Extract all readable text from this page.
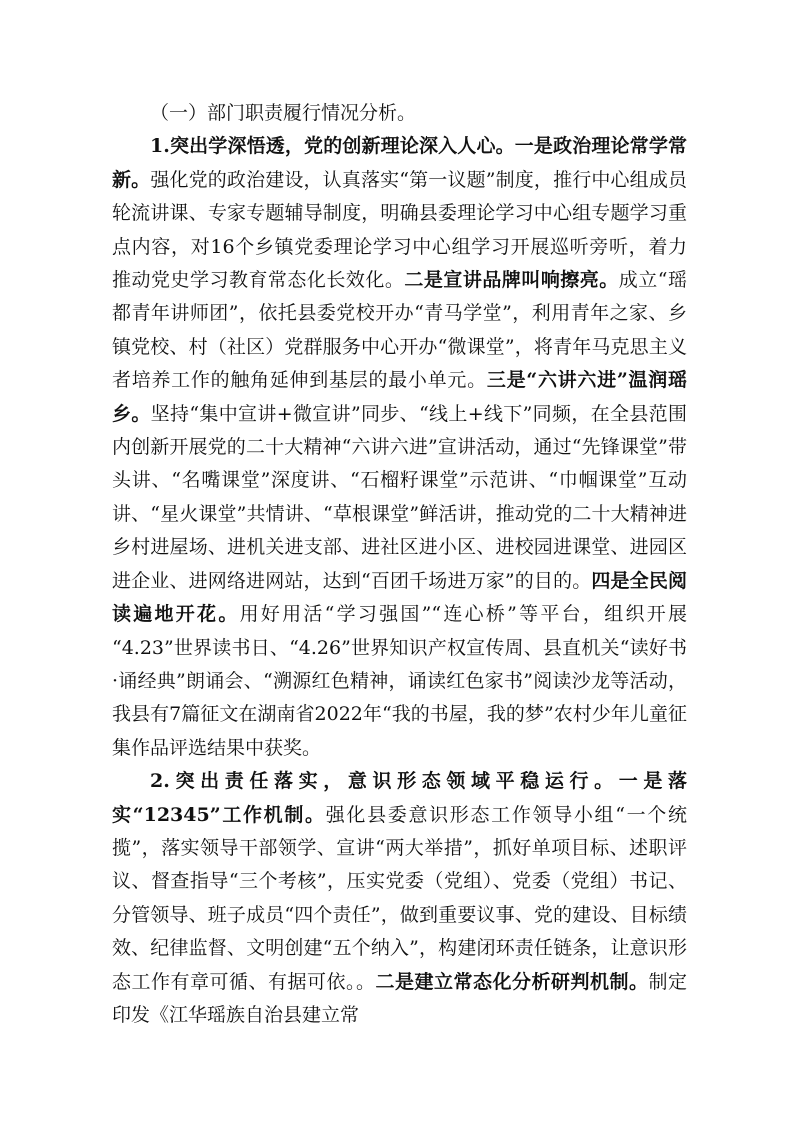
（一）部门职责履行情况分析。

1.突出学深悟透，党的创新理论深入人心。一是政治理论常学常新。强化党的政治建设，认真落实“第一议题”制度，推行中心组成员轮流讲课、专家专题辅导制度，明确县委理论学习中心组专题学习重点内容，对16个乡镇党委理论学习中心组学习开展巡听旁听，着力推动党史学习教育常态化长效化。二是宣讲品牌叫响擦亮。成立“瑶都青年讲师团”，依托县委党校开办“青马学堂”，利用青年之家、乡镇党校、村（社区）党群服务中心开办“微课堂”，将青年马克思主义者培养工作的触角延伸到基层的最小单元。三是“六讲六进”温润瑶乡。坚持“集中宣讲+微宣讲”同步、“线上+线下”同频，在全县范围内创新开展党的二十大精神“六讲六进”宣讲活动，通过“先锋课堂”带头讲、“名嘴课堂”深度讲、“石榴籽课堂”示范讲、“巾帼课堂”互动讲、“星火课堂”共情讲、“草根课堂”鲜活讲，推动党的二十大精神进乡村进屋场、进机关进支部、进社区进小区、进校园进课堂、进园区进企业、进网络进网站，达到“百团千场进万家”的目的。四是全民阅读遍地开花。用好用活“学习强国”“连心桥”等平台，组织开展 “4.23”世界读书日、“4.26”世界知识产权宣传周、县直机关“读好书·诵经典”朗诵会、“溯源红色精神，诵读红色家书”阅读沙龙等活动，我县有7篇征文在湖南省2022年“我的书屋，我的梦”农村少年儿童征集作品评选结果中获奖。

2.突出责任落实，意识形态领域平稳运行。一是落实“12345”工作机制。强化县委意识形态工作领导小组“一个统揽”，落实领导干部领学、宣讲“两大举措”，抓好单项目标、述职评议、督查指导“三个考核”，压实党委（党组）、党委（党组）书记、分管领导、班子成员“四个责任”，做到重要议事、党的建设、目标绩效、纪律监督、文明创建“五个纳入”，构建闭环责任链条，让意识形态工作有章可循、有据可依。。二是建立常态化分析研判机制。制定印发《江华瑶族自治县建立常
